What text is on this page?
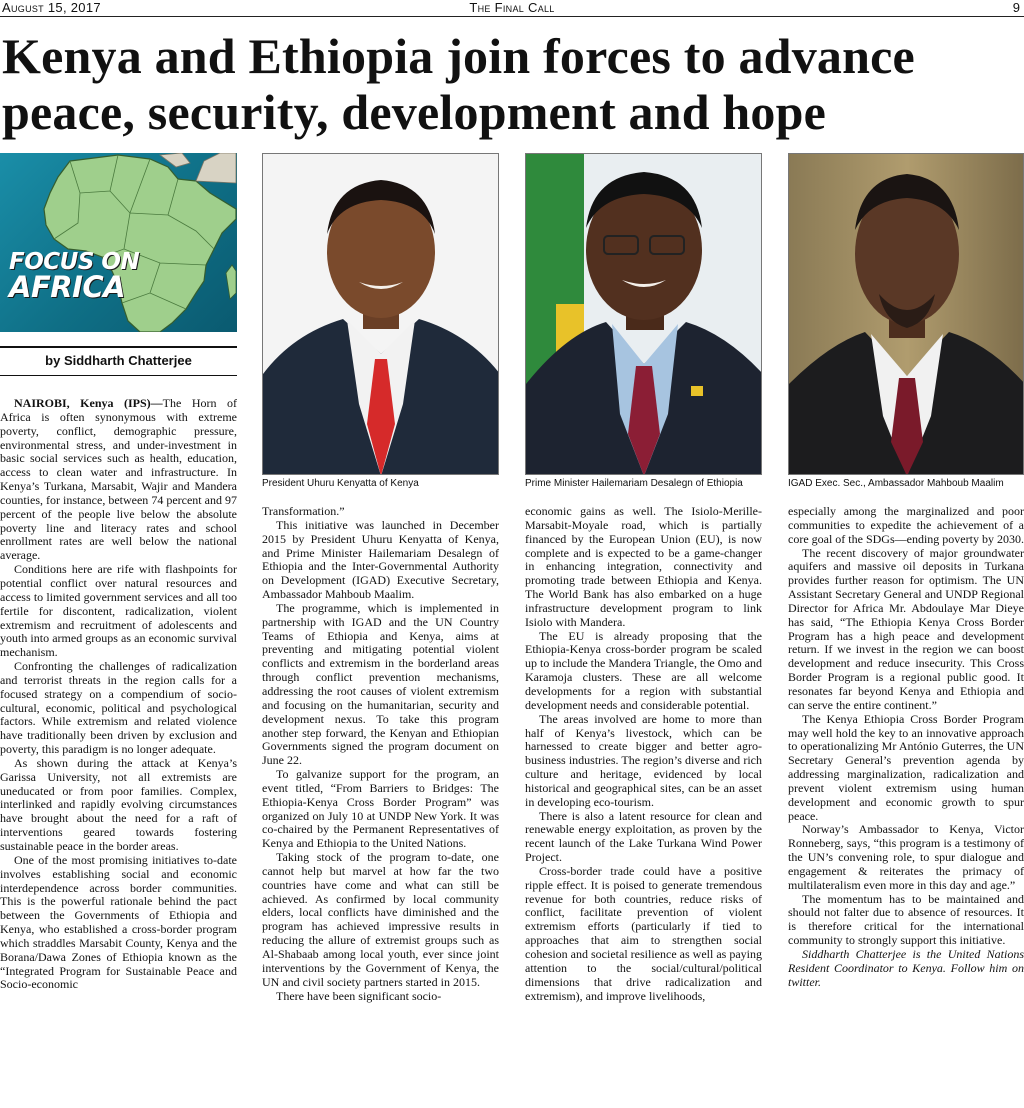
August 15, 2017	The Final Call	9
Kenya and Ethiopia join forces to advance peace, security, development and hope
FOCUS ON
AFRICA
by Siddharth Chatterjee
President Uhuru Kenyatta of Kenya	Prime Minister Hailemariam Desalegn of Ethiopia	IGAD Exec. Sec., Ambassador Mahboub Maalim

NAIROBI, Kenya (IPS)—The Horn of Africa is often synonymous with extreme poverty, conflict, demographic pressure, environmental stress, and under-investment in basic social services such as health, education, access to clean water and infrastructure. In Kenya’s Turkana, Marsabit, Wajir and Mandera counties, for instance, between 74 percent and 97 percent of the people live below the absolute poverty line and literacy rates and school enrollment rates are well below the national average.

Conditions here are rife with flashpoints for potential conflict over natural resources and access to limited government services and all too fertile for discontent, radicalization, violent extremism and recruitment of adolescents and youth into armed groups as an economic survival mechanism.

Confronting the challenges of radicalization and terrorist threats in the region calls for a focused strategy on a compendium of socio-cultural, economic, political and psychological factors. While extremism and related violence have traditionally been driven by exclusion and poverty, this paradigm is no longer adequate.

As shown during the attack at Kenya’s Garissa University, not all extremists are uneducated or from poor families. Complex, interlinked and rapidly evolving circumstances have brought about the need for a raft of interventions geared towards fostering sustainable peace in the border areas.

One of the most promising initiatives to-date involves establishing social and economic interdependence across border communities. This is the powerful rationale behind the pact between the Governments of Ethiopia and Kenya, who established a cross-border program which straddles Marsabit County, Kenya and the Borana/Dawa Zones of Ethiopia known as the “Integrated Program for Sustainable Peace and Socio-economic

Transformation.”

This initiative was launched in December 2015 by President Uhuru Kenyatta of Kenya, and Prime Minister Hailemariam Desalegn of Ethiopia and the Inter-Governmental Authority on Development (IGAD) Executive Secretary, Ambassador Mahboub Maalim.

The programme, which is implemented in partnership with IGAD and the UN Country Teams of Ethiopia and Kenya, aims at preventing and mitigating potential violent conflicts and extremism in the borderland areas through conflict prevention mechanisms, addressing the root causes of violent extremism and focusing on the humanitarian, security and development nexus. To take this program another step forward, the Kenyan and Ethiopian Governments signed the program document on June 22.

To galvanize support for the program, an event titled, “From Barriers to Bridges: The Ethiopia-Kenya Cross Border Program” was organized on July 10 at UNDP New York. It was co-chaired by the Permanent Representatives of Kenya and Ethiopia to the United Nations.

Taking stock of the program to-date, one cannot help but marvel at how far the two countries have come and what can still be achieved. As confirmed by local community elders, local conflicts have diminished and the program has achieved impressive results in reducing the allure of extremist groups such as Al-Shabaab among local youth, ever since joint interventions by the Government of Kenya, the UN and civil society partners started in 2015.

There have been significant socio-

economic gains as well. The Isiolo-Merille-Marsabit-Moyale road, which is partially financed by the European Union (EU), is now complete and is expected to be a game-changer in enhancing integration, connectivity and promoting trade between Ethiopia and Kenya. The World Bank has also embarked on a huge infrastructure development program to link Isiolo with Mandera.

The EU is already proposing that the Ethiopia-Kenya cross-border program be scaled up to include the Mandera Triangle, the Omo and Karamoja clusters. These are all welcome developments for a region with substantial development needs and considerable potential.

The areas involved are home to more than half of Kenya’s livestock, which can be harnessed to create bigger and better agro-business industries. The region’s diverse and rich culture and heritage, evidenced by local historical and geographical sites, can be an asset in developing eco-tourism.

There is also a latent resource for clean and renewable energy exploitation, as proven by the recent launch of the Lake Turkana Wind Power Project.

Cross-border trade could have a positive ripple effect. It is poised to generate tremendous revenue for both countries, reduce risks of conflict, facilitate prevention of violent extremism efforts (particularly if tied to approaches that aim to strengthen social cohesion and societal resilience as well as paying attention to the social/cultural/political dimensions that drive radicalization and extremism), and improve livelihoods,

especially among the marginalized and poor communities to expedite the achievement of a core goal of the SDGs—ending poverty by 2030.

The recent discovery of major groundwater aquifers and massive oil deposits in Turkana provides further reason for optimism. The UN Assistant Secretary General and UNDP Regional Director for Africa Mr. Abdoulaye Mar Dieye has said, “The Ethiopia Kenya Cross Border Program has a high peace and development return. If we invest in the region we can boost development and reduce insecurity. This Cross Border Program is a regional public good. It resonates far beyond Kenya and Ethiopia and can serve the entire continent.”

The Kenya Ethiopia Cross Border Program may well hold the key to an innovative approach to operationalizing Mr António Guterres, the UN Secretary General’s prevention agenda by addressing marginalization, radicalization and prevent violent extremism using human development and economic growth to spur peace.

Norway’s Ambassador to Kenya, Victor Ronneberg, says, “this program is a testimony of the UN’s convening role, to spur dialogue and engagement & reiterates the primacy of multilateralism even more in this day and age.”

The momentum has to be maintained and should not falter due to absence of resources. It is therefore critical for the international community to strongly support this initiative.

Siddharth Chatterjee is the United Nations Resident Coordinator to Kenya. Follow him on twitter.
